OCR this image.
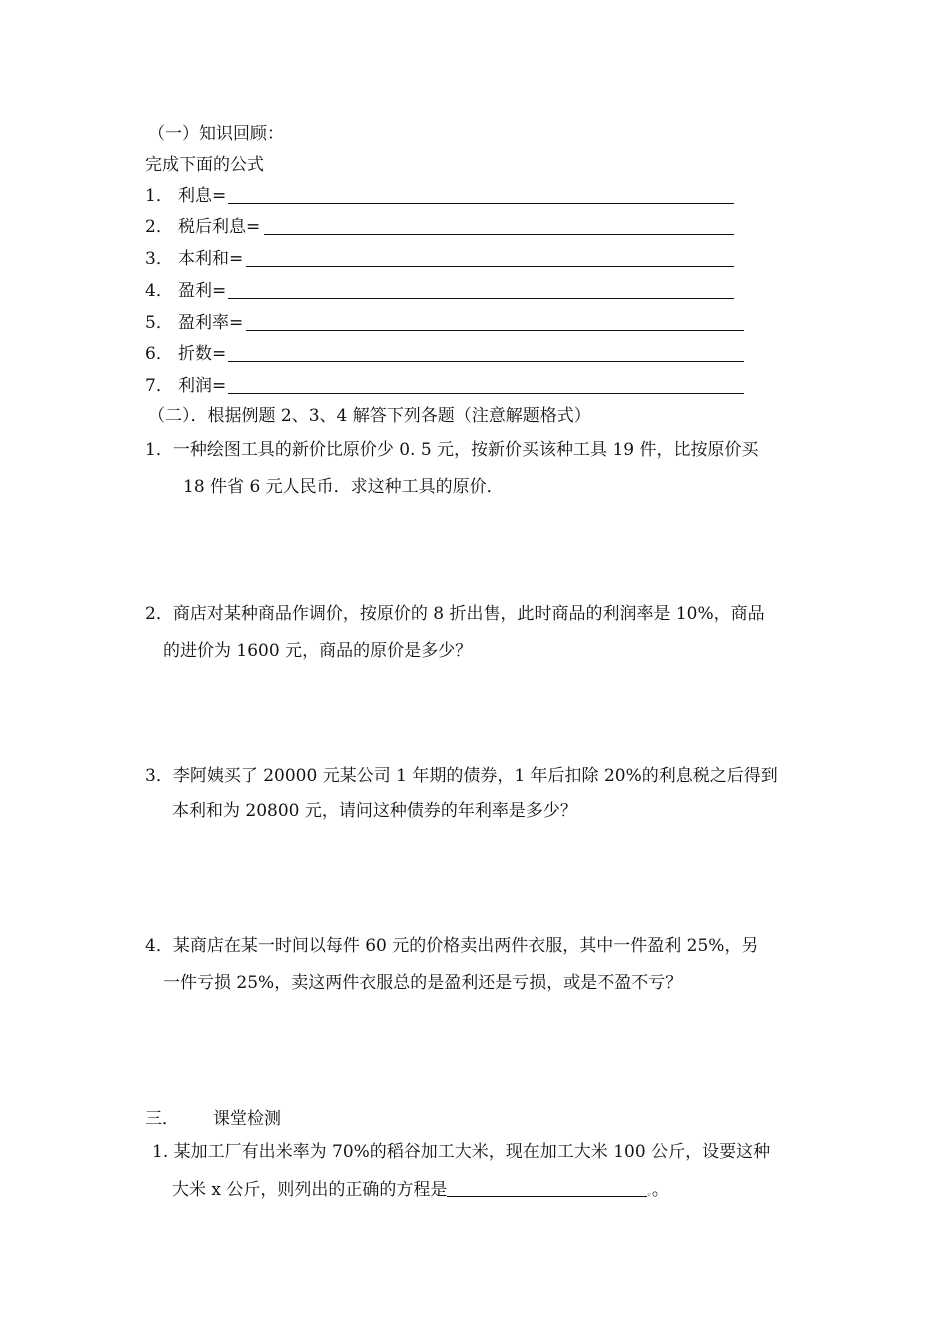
（一）知识回顾：
完成下面的公式
1． 利息=
2． 税后利息=
3． 本利和=
4． 盈利=
5． 盈利率=
6． 折数=
7． 利润=
（二）．根据例题 2、3、4 解答下列各题（注意解题格式）
1．一种绘图工具的新价比原价少 0. 5 元，按新价买该种工具 19 件，比按原价买
18 件省 6 元人民币．求这种工具的原价．
2．商店对某种商品作调价，按原价的 8 折出售，此时商品的利润率是 10%，商品
的进价为 1600 元，商品的原价是多少？
3．李阿姨买了 20000 元某公司 1 年期的债券，1 年后扣除 20%的利息税之后得到
本利和为 20800 元，请问这种债券的年利率是多少？
4．某商店在某一时间以每件 60 元的价格卖出两件衣服，其中一件盈利 25%，另
一件亏损 25%，卖这两件衣服总的是盈利还是亏损，或是不盈不亏？
三． 课堂检测
1. 某加工厂有出米率为 70%的稻谷加工大米，现在加工大米 100 公斤，设要这种
大米 x 公斤，则列出的正确的方程是	。。
